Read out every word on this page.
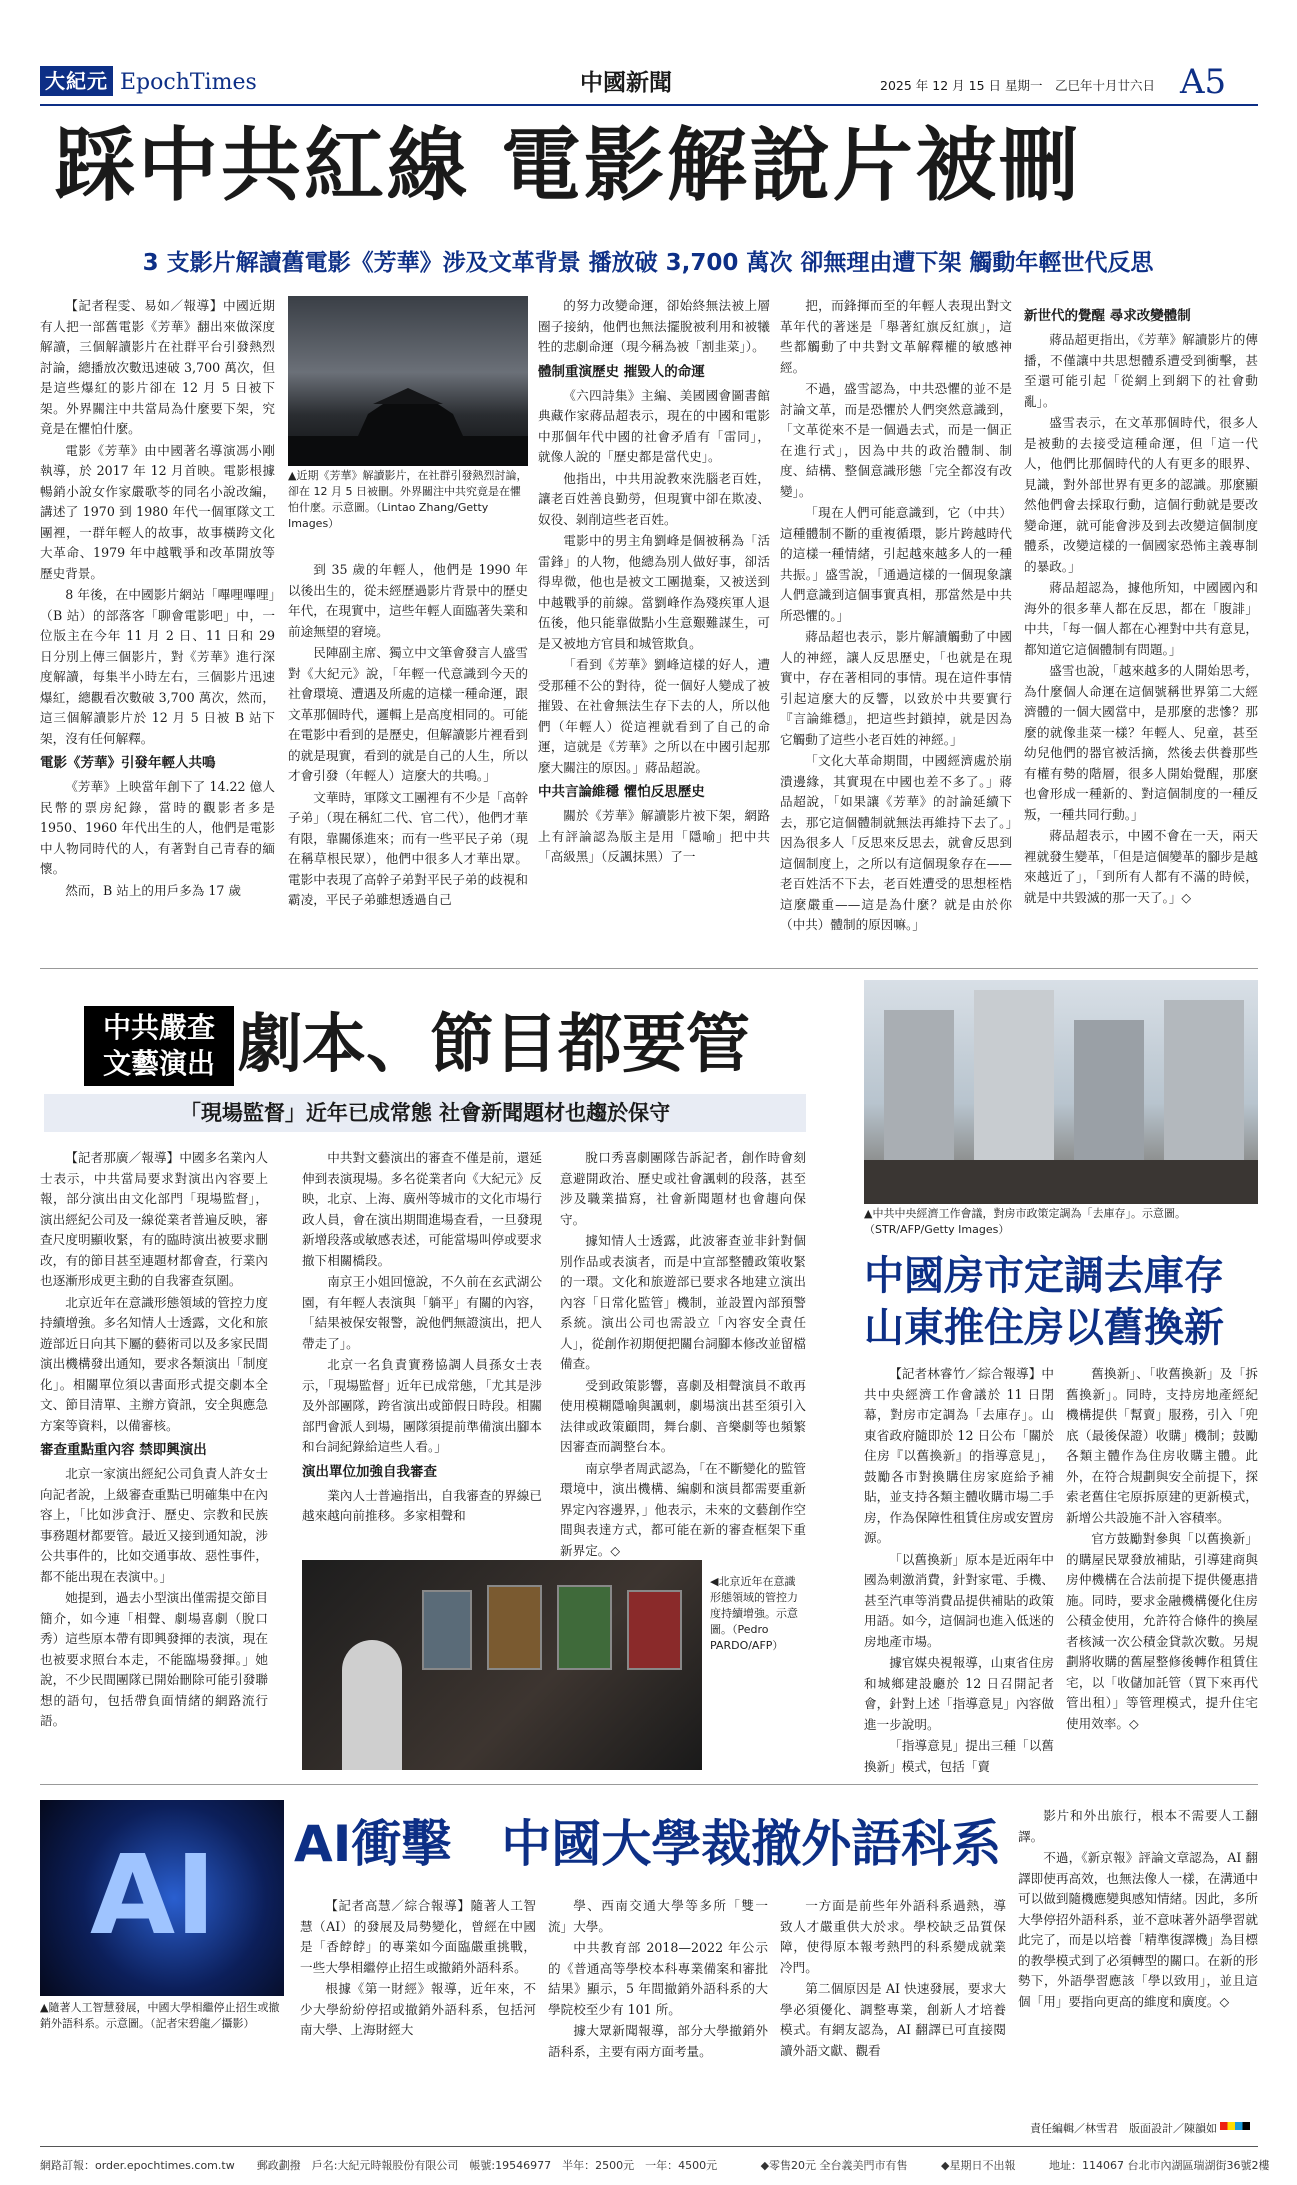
大紀元 EpochTimes	中國新聞	2025 年 12 月 15 日 星期一　乙巳年十月廿六日 A5
踩中共紅線 電影解說片被刪
3 支影片解讀舊電影《芳華》涉及文革背景 播放破 3,700 萬次 卻無理由遭下架 觸動年輕世代反思

【記者程雯、易如／報導】中國近期有人把一部舊電影《芳華》翻出來做深度解讀，三個解讀影片在社群平台引發熱烈討論，總播放次數迅速破 3,700 萬次，但是這些爆紅的影片卻在 12 月 5 日被下架。外界關注中共當局為什麼要下架，究竟是在懼怕什麼。

電影《芳華》由中國著名導演馮小剛執導，於 2017 年 12 月首映。電影根據暢銷小說女作家嚴歌苓的同名小說改編，講述了 1970 到 1980 年代一個軍隊文工團裡，一群年輕人的故事，故事橫跨文化大革命、1979 年中越戰爭和改革開放等歷史背景。

8 年後，在中國影片網站「嗶哩嗶哩」（B 站）的部落客「聊會電影吧」中，一位版主在今年 11 月 2 日、11 日和 29 日分別上傳三個影片，對《芳華》進行深度解讀，每集半小時左右，三個影片迅速爆紅，總觀看次數破 3,700 萬次，然而，這三個解讀影片於 12 月 5 日被 B 站下架，沒有任何解釋。

電影《芳華》引發年輕人共鳴

《芳華》上映當年創下了 14.22 億人民幣的票房紀錄，當時的觀影者多是 1950、1960 年代出生的人，他們是電影中人物同時代的人，有著對自己青春的緬懷。

然而，B 站上的用戶多為 17 歲

▲近期《芳華》解讀影片，在社群引發熱烈討論，卻在 12 月 5 日被刪。外界關注中共究竟是在懼怕什麼。示意圖。（Lintao Zhang/Getty Images）

到 35 歲的年輕人，他們是 1990 年以後出生的，從未經歷過影片背景中的歷史年代，在現實中，這些年輕人面臨著失業和前途無望的窘境。

民陣副主席、獨立中文筆會發言人盛雪對《大紀元》說，「年輕一代意識到今天的社會環境、遭遇及所處的這樣一種命運，跟文革那個時代，邏輯上是高度相同的。可能在電影中看到的是歷史，但解讀影片裡看到的就是現實，看到的就是自己的人生，所以才會引發（年輕人）這麼大的共鳴。」

文華時，軍隊文工團裡有不少是「高幹子弟」（現在稱紅二代、官二代），他們才華有限，靠關係進來；而有一些平民子弟（現在稱草根民眾），他們中很多人才華出眾。電影中表現了高幹子弟對平民子弟的歧視和霸凌，平民子弟雖想透過自己

的努力改變命運，卻始終無法被上層圈子接納，他們也無法擺脫被利用和被犧牲的悲劇命運（現今稱為被「割韭菜」）。

體制重演歷史 摧毀人的命運

《六四詩集》主編、美國國會圖書館典藏作家蔣品超表示，現在的中國和電影中那個年代中國的社會矛盾有「雷同」，就像人說的「歷史都是當代史」。

他指出，中共用說教來洗腦老百姓，讓老百姓善良勤勞，但現實中卻在欺凌、奴役、剝削這些老百姓。

電影中的男主角劉峰是個被稱為「活雷鋒」的人物，他總為別人做好事，卻活得卑微，他也是被文工團拋棄，又被送到中越戰爭的前線。當劉峰作為殘疾軍人退伍後，他只能靠做點小生意艱難謀生，可是又被地方官員和城管欺負。

「看到《芳華》劉峰這樣的好人，遭受那種不公的對待，從一個好人變成了被摧毀、在社會無法生存下去的人，所以他們（年輕人）從這裡就看到了自己的命運，這就是《芳華》之所以在中國引起那麼大關注的原因。」蔣品超說。

中共言論維穩 懼怕反思歷史

關於《芳華》解讀影片被下架，網路上有評論認為版主是用「隱喻」把中共「高級黑」（反諷抹黑）了一

把，而鋒揮而至的年輕人表現出對文革年代的著迷是「舉著紅旗反紅旗」，這些都觸動了中共對文革解釋權的敏感神經。

不過，盛雪認為，中共恐懼的並不是討論文革，而是恐懼於人們突然意識到，「文革從來不是一個過去式，而是一個正在進行式」，因為中共的政治體制、制度、結構、整個意識形態「完全都沒有改變」。

「現在人們可能意識到，它（中共）這種體制不斷的重複循環，影片跨越時代的這樣一種情緒，引起越來越多人的一種共振。」盛雪說，「通過這樣的一個現象讓人們意識到這個事實真相，那當然是中共所恐懼的。」

蔣品超也表示，影片解讀觸動了中國人的神經，讓人反思歷史，「也就是在現實中，存在著相同的事情。現在這件事情引起這麼大的反響，以致於中共要實行『言論維穩』，把這些封鎖掉，就是因為它觸動了這些小老百姓的神經。」

「文化大革命期間，中國經濟處於崩潰邊緣，其實現在中國也差不多了。」蔣品超說，「如果讓《芳華》的討論延續下去，那它這個體制就無法再維持下去了。」因為很多人「反思來反思去，就會反思到這個制度上，之所以有這個現象存在——老百姓活不下去，老百姓遭受的思想桎梏這麼嚴重——這是為什麼？就是由於你（中共）體制的原因嘛。」

新世代的覺醒 尋求改變體制

蔣品超更指出，《芳華》解讀影片的傳播，不僅讓中共思想體系遭受到衝擊，甚至還可能引起「從網上到網下的社會動亂」。

盛雪表示，在文革那個時代，很多人是被動的去接受這種命運，但「這一代人，他們比那個時代的人有更多的眼界、見識，對外部世界有更多的認識。那麼顯然他們會去採取行動，這個行動就是要改變命運，就可能會涉及到去改變這個制度體系，改變這樣的一個國家恐怖主義專制的暴政。」

蔣品超認為，據他所知，中國國內和海外的很多華人都在反思，都在「腹誹」中共，「每一個人都在心裡對中共有意見，都知道它這個體制有問題。」

盛雪也說，「越來越多的人開始思考，為什麼個人命運在這個號稱世界第二大經濟體的一個大國當中，是那麼的悲慘？那麼的就像韭菜一樣？年輕人、兒童，甚至幼兒他們的器官被活摘，然後去供養那些有權有勢的階層，很多人開始覺醒，那麼也會形成一種新的、對這個制度的一種反叛，一種共同行動。」

蔣品超表示，中國不會在一天，兩天裡就發生變革，「但是這個變革的腳步是越來越近了」，「到所有人都有不滿的時候，就是中共毀滅的那一天了。」◇

中共嚴查
文藝演出 劇本、節目都要管
「現場監督」近年已成常態 社會新聞題材也趨於保守

【記者那廣／報導】中國多名業內人士表示，中共當局要求對演出內容要上報，部分演出由文化部門「現場監督」，演出經紀公司及一線從業者普遍反映，審查尺度明顯收緊，有的臨時演出被要求刪改，有的節目甚至連題材都會查，行業內也逐漸形成更主動的自我審查氛圍。

北京近年在意識形態領域的管控力度持續增強。多名知情人士透露，文化和旅遊部近日向其下屬的藝術司以及多家民間演出機構發出通知，要求各類演出「制度化」。相關單位須以書面形式提交劇本全文、節目清單、主辦方資訊，安全與應急方案等資料，以備審核。

審查重點重內容 禁即興演出

北京一家演出經紀公司負責人許女士向記者說，上級審查重點已明確集中在內容上，「比如涉貪汙、歷史、宗教和民族事務題材都要管。最近又接到通知說，涉公共事件的，比如交通事故、惡性事件，都不能出現在表演中。」

她提到，過去小型演出僅需提交節目簡介，如今連「相聲、劇場喜劇（脫口秀）這些原本帶有即興發揮的表演，現在也被要求照台本走，不能臨場發揮。」她說，不少民間團隊已開始刪除可能引發聯想的語句，包括帶負面情緒的網路流行語。

中共對文藝演出的審查不僅是前，還延伸到表演現場。多名從業者向《大紀元》反映，北京、上海、廣州等城市的文化市場行政人員，會在演出期間進場查看，一旦發現新增段落或敏感表述，可能當場叫停或要求撤下相關橋段。

南京王小姐回憶說，不久前在玄武湖公園，有年輕人表演與「躺平」有關的內容，「結果被保安報警，說他們無證演出，把人帶走了」。

北京一名負責實務協調人員孫女士表示，「現場監督」近年已成常態，「尤其是涉及外部團隊，跨省演出或節假日時段。相關部門會派人到場，團隊須提前準備演出腳本和台詞紀錄給這些人看。」

演出單位加強自我審查

業內人士普遍指出，自我審查的界線已越來越向前推移。多家相聲和

脫口秀喜劇團隊告訴記者，創作時會刻意避開政治、歷史或社會諷刺的段落，甚至涉及職業描寫，社會新聞題材也會趨向保守。

據知情人士透露，此波審查並非針對個別作品或表演者，而是中宣部整體政策收緊的一環。文化和旅遊部已要求各地建立演出內容「日常化監管」機制，並設置內部預警系統。演出公司也需設立「內容安全責任人」，從創作初期便把關台詞腳本修改並留檔備查。

受到政策影響，喜劇及相聲演員不敢再使用模糊隱喻與諷刺，劇場演出甚至須引入法律或政策顧問，舞台劇、音樂劇等也頻繁因審查而調整台本。

南京學者周武認為，「在不斷變化的監管環境中，演出機構、編劇和演員都需要重新界定內容邊界，」他表示，未來的文藝創作空間與表達方式，都可能在新的審查框架下重新界定。◇

◀北京近年在意識形態領域的管控力度持續增強。示意圖。（Pedro PARDO/AFP）
▲中共中央經濟工作會議，對房市政策定調為「去庫存」。示意圖。（STR/AFP/Getty Images）
中國房市定調去庫存
山東推住房以舊換新

【記者林睿竹／綜合報導】中共中央經濟工作會議於 11 日閉幕，對房市定調為「去庫存」。山東省政府隨即於 12 日公布「關於住房『以舊換新』的指導意見」，鼓勵各市對換購住房家庭給予補貼，並支持各類主體收購市場二手房，作為保障性租賃住房或安置房源。

「以舊換新」原本是近兩年中國為刺激消費，針對家電、手機、甚至汽車等消費品提供補貼的政策用語。如今，這個詞也進入低迷的房地產市場。

據官媒央視報導，山東省住房和城鄉建設廳於 12 日召開記者會，針對上述「指導意見」內容做進一步說明。

「指導意見」提出三種「以舊換新」模式，包括「賣

舊換新」、「收舊換新」及「拆舊換新」。同時，支持房地產經紀機構提供「幫賣」服務，引入「兜底（最後保證）收購」機制；鼓勵各類主體作為住房收購主體。此外，在符合規劃與安全前提下，探索老舊住宅原拆原建的更新模式，新增公共設施不計入容積率。

官方鼓勵對參與「以舊換新」的購屋民眾發放補貼，引導建商與房仲機構在合法前提下提供優惠措施。同時，要求金融機構優化住房公積金使用，允許符合條件的換屋者核減一次公積金貸款次數。另規劃將收購的舊屋整修後轉作租賃住宅，以「收儲加託管（買下來再代管出租）」等管理模式，提升住宅使用效率。◇

AI
▲隨著人工智慧發展，中國大學相繼停止招生或撤銷外語科系。示意圖。（記者宋碧龍／攝影）
AI衝擊　中國大學裁撤外語科系

【記者高慧／綜合報導】隨著人工智慧（AI）的發展及局勢變化，曾經在中國是「香餑餑」的專業如今面臨嚴重挑戰，一些大學相繼停止招生或撤銷外語科系。

根據《第一財經》報導，近年來，不少大學紛紛停招或撤銷外語科系，包括河南大學、上海財經大

學、西南交通大學等多所「雙一流」大學。

中共教育部 2018—2022 年公示的《普通高等學校本科專業備案和審批結果》顯示，5 年間撤銷外語科系的大學院校至少有 101 所。

據大眾新聞報導，部分大學撤銷外語科系，主要有兩方面考量。

一方面是前些年外語科系過熱，導致人才嚴重供大於求。學校缺乏品質保障，使得原本報考熱門的科系變成就業冷門。

第二個原因是 AI 快速發展，要求大學必須優化、調整專業，創新人才培養模式。有網友認為，AI 翻譯已可直接閱讀外語文獻、觀看

影片和外出旅行，根本不需要人工翻譯。

不過，《新京報》評論文章認為，AI 翻譯即使再高效，也無法像人一樣，在溝通中可以做到隨機應變與感知情緒。因此，多所大學停招外語科系，並不意味著外語學習就此完了，而是以培養「精準復譯機」為目標的教學模式到了必須轉型的關口。在新的形勢下，外語學習應該「學以致用」，並且這個「用」要指向更高的維度和廣度。◇

責任編輯／林雪君　版面設計／陳韻如
網路訂報：order.epochtimes.com.tw　　郵政劃撥　戶名:大紀元時報股份有限公司　帳號:19546977　半年：2500元　一年：4500元	◆零售20元 全台義美門市有售	◆星期日不出報	地址：114067 台北市內湖區瑞湖街36號2樓
